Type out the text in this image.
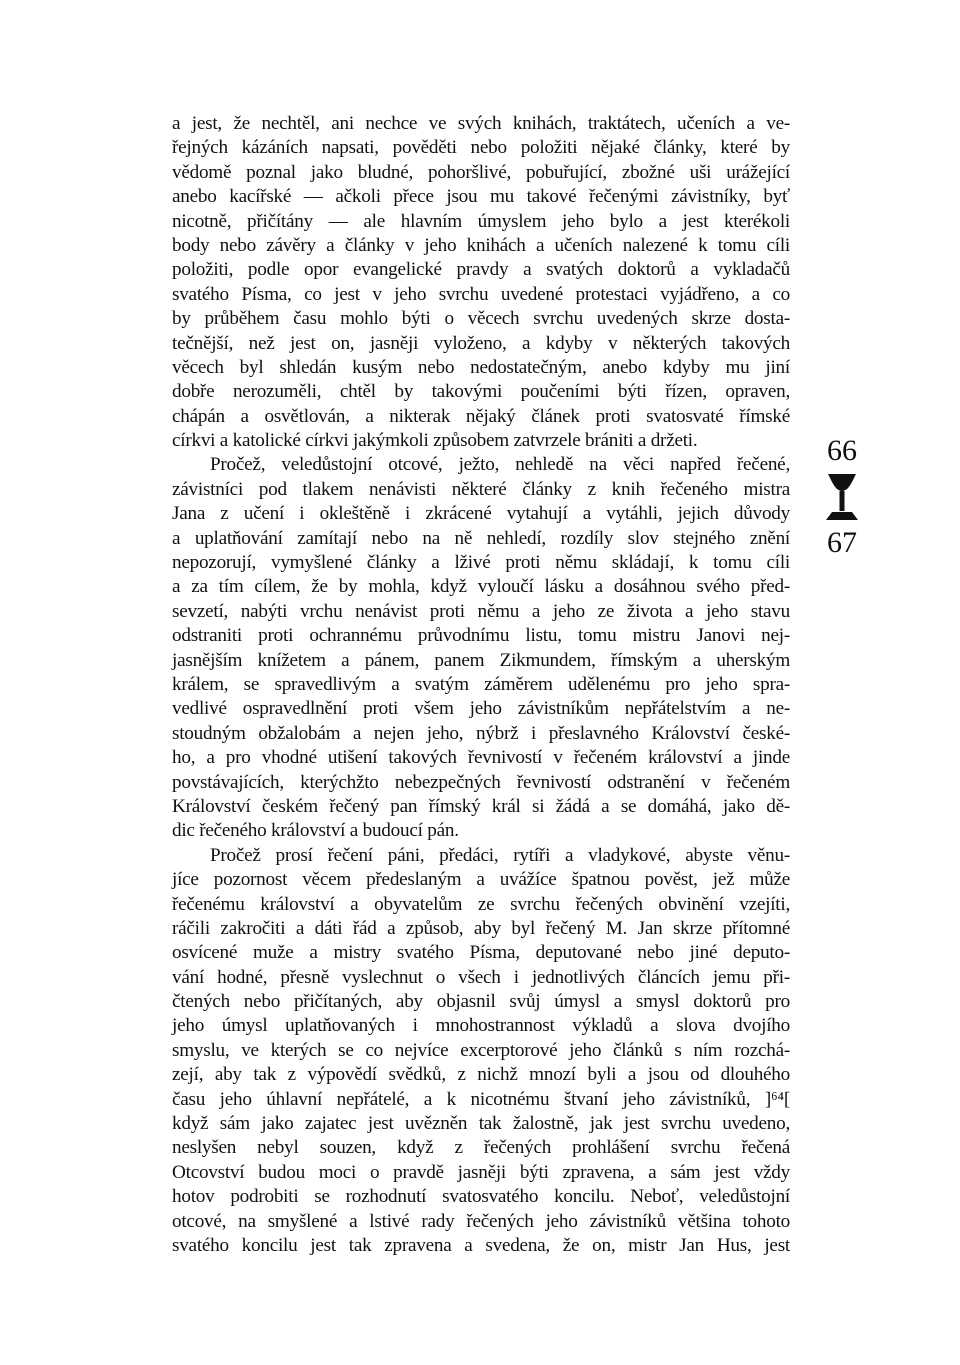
a jest, že nechtěl, ani nechce ve svých knihách, traktátech, učeních a ve-
řejných kázáních napsati, pověděti nebo položiti nějaké články, které by
vědomě poznal jako bludné, pohoršlivé, pobuřující, zbožné uši urážející
anebo kacířské — ačkoli přece jsou mu takové řečenými závistníky, byť
nicotně, přičítány — ale hlavním úmyslem jeho bylo a jest kterékoli
body nebo závěry a články v jeho knihách a učeních nalezené k tomu cíli
položiti, podle opor evangelické pravdy a svatých doktorů a vykladačů
svatého Písma, co jest v jeho svrchu uvedené protestaci vyjádřeno, a co
by průběhem času mohlo býti o věcech svrchu uvedených skrze dosta-
tečnější, než jest on, jasněji vyloženo, a kdyby v některých takových
věcech byl shledán kusým nebo nedostatečným, anebo kdyby mu jiní
dobře nerozuměli, chtěl by takovými poučeními býti řízen, opraven,
chápán a osvětlován, a nikterak nějaký článek proti svatosvaté římské
církvi a katolické církvi jakýmkoli způsobem zatvrzele brániti a držeti.
Pročež, veledůstojní otcové, ježto, nehledě na věci napřed řečené,
závistníci pod tlakem nenávisti některé články z knih řečeného mistra
Jana z učení i okleštěně i zkrácené vytahují a vytáhli, jejich důvody
a uplatňování zamítají nebo na ně nehledí, rozdíly slov stejného znění
nepozorují, vymyšlené články a lživé proti němu skládají, k tomu cíli
a za tím cílem, že by mohla, když vyloučí lásku a dosáhnou svého před-
sevzetí, nabýti vrchu nenávist proti němu a jeho ze života a jeho stavu
odstraniti proti ochrannému průvodnímu listu, tomu mistru Janovi nej-
jasnějším knížetem a pánem, panem Zikmundem, římským a uherským
králem, se spravedlivým a svatým záměrem udělenému pro jeho spra-
vedlivé ospravedlnění proti všem jeho závistníkům nepřátelstvím a ne-
stoudným obžalobám a nejen jeho, nýbrž i přeslavného Království české-
ho, a pro vhodné utišení takových řevnivostí v řečeném království a jinde
povstávajících, kterýchžto nebezpečných řevnivostí odstranění v řečeném
Království českém řečený pan římský král si žádá a se domáhá, jako dě-
dic řečeného království a budoucí pán.
Pročež prosí řečení páni, předáci, rytíři a vladykové, abyste věnu-
jíce pozornost věcem předeslaným a uvážíce špatnou pověst, jež může
řečenému království a obyvatelům ze svrchu řečených obvinění vzejíti,
ráčili zakročiti a dáti řád a způsob, aby byl řečený M. Jan skrze přítomné
osvícené muže a mistry svatého Písma, deputované nebo jiné deputo-
vání hodné, přesně vyslechnut o všech i jednotlivých článcích jemu při-
čtených nebo přičítaných, aby objasnil svůj úmysl a smysl doktorů pro
jeho úmysl uplatňovaných i mnohostrannost výkladů a slova dvojího
smyslu, ve kterých se co nejvíce excerptorové jeho článků s ním rozchá-
zejí, aby tak z výpovědí svědků, z nichž mnozí byli a jsou od dlouhého
času jeho úhlavní nepřátelé, a k nicotnému štvaní jeho závistníků, ]⁶⁴[
když sám jako zajatec jest uvězněn tak žalostně, jak jest svrchu uvedeno,
neslyšen nebyl souzen, když z řečených prohlášení svrchu řečená
Otcovství budou moci o pravdě jasněji býti zpravena, a sám jest vždy
hotov podrobiti se rozhodnutí svatosvatého koncilu. Neboť, veledůstojní
otcové, na smyšlené a lstivé rady řečených jeho závistníků většina tohoto
svatého koncilu jest tak zpravena a svedena, že on, mistr Jan Hus, jest
66
67
